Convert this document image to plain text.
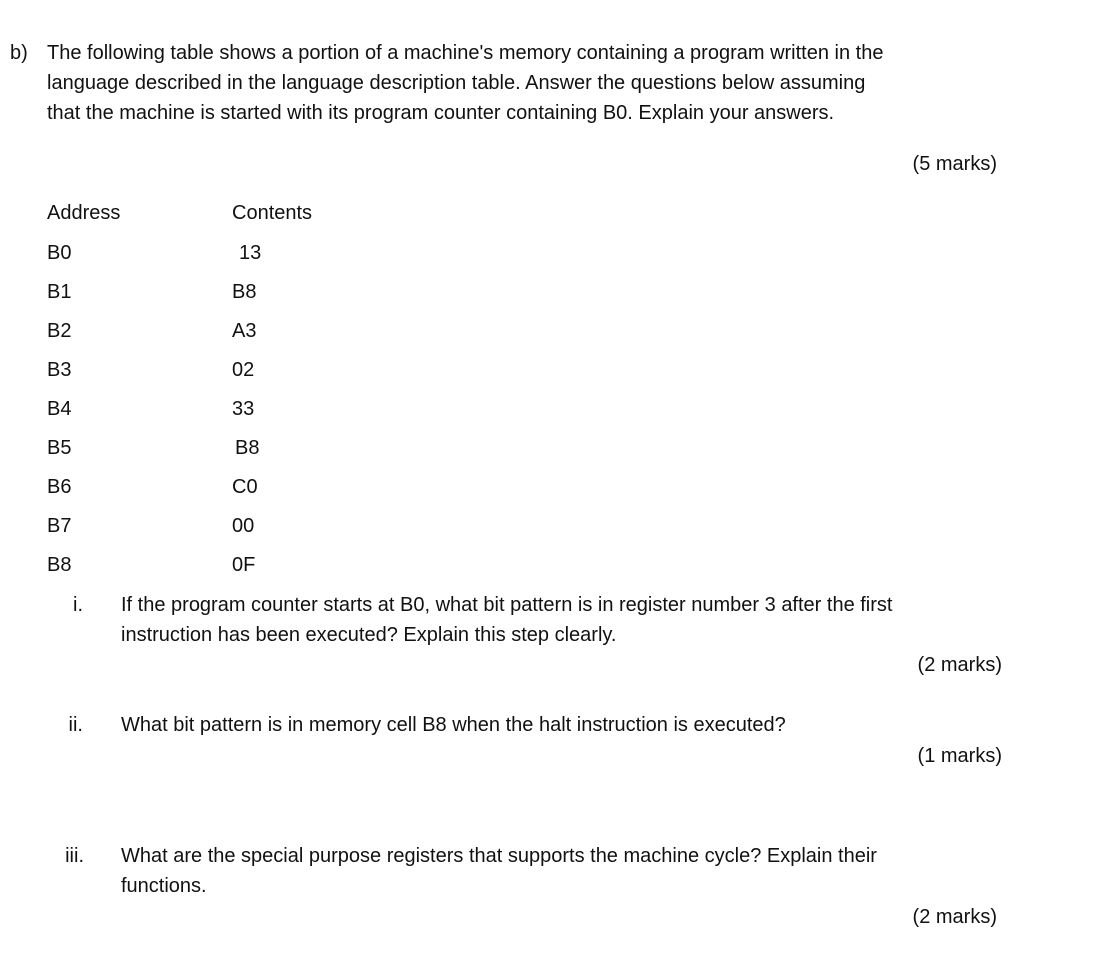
b) The following table shows a portion of a machine's memory containing a program written in the
language described in the language description table. Answer the questions below assuming
that the machine is started with its program counter containing B0. Explain your answers.
(5 marks)
Address	Contents
B0	13
B1	B8
B2	A3
B3	02
B4	33
B5	B8
B6	C0
B7	00
B8	0F
i. If the program counter starts at B0, what bit pattern is in register number 3 after the first
instruction has been executed? Explain this step clearly.
(2 marks)
ii. What bit pattern is in memory cell B8 when the halt instruction is executed?
(1 marks)
iii. What are the special purpose registers that supports the machine cycle? Explain their
functions.
(2 marks)
